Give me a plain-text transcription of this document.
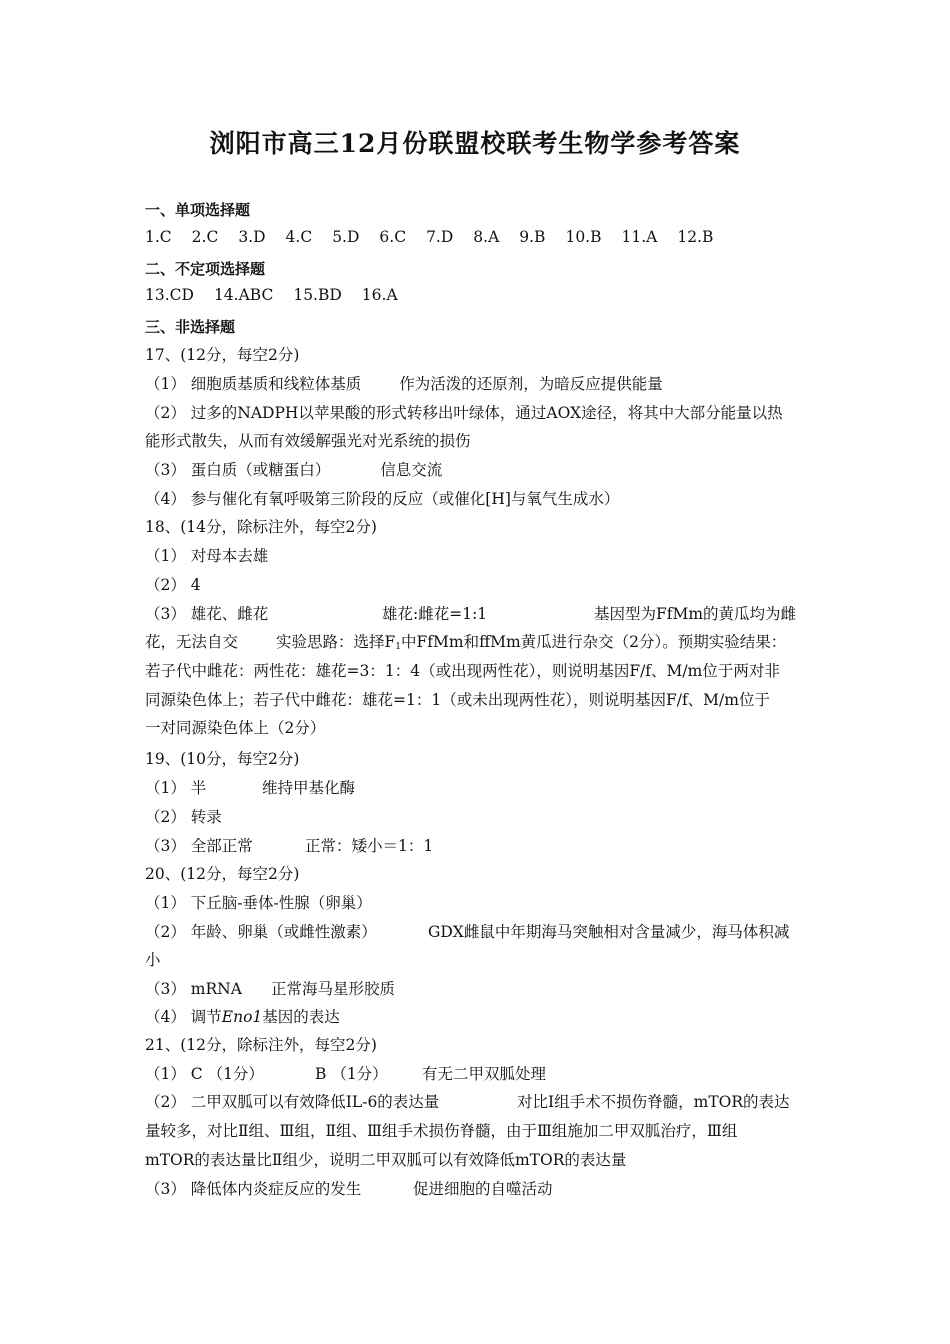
浏阳市高三12月份联盟校联考生物学参考答案
一、单项选择题
1.C 2.C 3.D 4.C 5.D 6.C 7.D 8.A 9.B 10.B 11.A 12.B
二、不定项选择题
13.CD 14.ABC 15.BD 16.A
三、非选择题
17、(12分，每空2分)
（1） 细胞质基质和线粒体基质 作为活泼的还原剂，为暗反应提供能量
（2） 过多的NADPH以苹果酸的形式转移出叶绿体，通过AOX途径，将其中大部分能量以热
能形式散失，从而有效缓解强光对光系统的损伤
（3） 蛋白质（或糖蛋白）	信息交流
（4） 参与催化有氧呼吸第三阶段的反应（或催化[H]与氧气生成水）
18、(14分，除标注外，每空2分)
（1） 对母本去雄
（2） 4
（3） 雄花、雌花	雄花:雌花=1:1	基因型为FfMm的黄瓜均为雌
花，无法自交 实验思路：选择$F_1$中FfMm和ffMm黄瓜进行杂交（2分）。预期实验结果：
若子代中雌花：两性花：雄花=3：1：4（或出现两性花），则说明基因F/f、M/m位于两对非
同源染色体上；若子代中雌花：雄花=1：1（或未出现两性花），则说明基因F/f、M/m位于
一对同源染色体上（2分）
19、(10分，每空2分)
（1） 半	维持甲基化酶
（2） 转录
（3） 全部正常	正常：矮小＝1：1
20、(12分，每空2分)
（1） 下丘脑-垂体-性腺（卵巢）
（2） 年龄、卵巢（或雌性激素）	GDX雌鼠中年期海马突触相对含量减少，海马体积减
小
（3） mRNA 正常海马星形胶质
（4） 调节Eno1基因的表达
21、(12分，除标注外，每空2分)
（1） C （1分）	B （1分） 有无二甲双胍处理
（2） 二甲双胍可以有效降低IL-6的表达量	对比Ⅰ组手术不损伤脊髓，mTOR的表达
量较多，对比Ⅱ组、Ⅲ组，Ⅱ组、Ⅲ组手术损伤脊髓，由于Ⅲ组施加二甲双胍治疗，Ⅲ组
mTOR的表达量比Ⅱ组少，说明二甲双胍可以有效降低mTOR的表达量
（3） 降低体内炎症反应的发生	促进细胞的自噬活动
